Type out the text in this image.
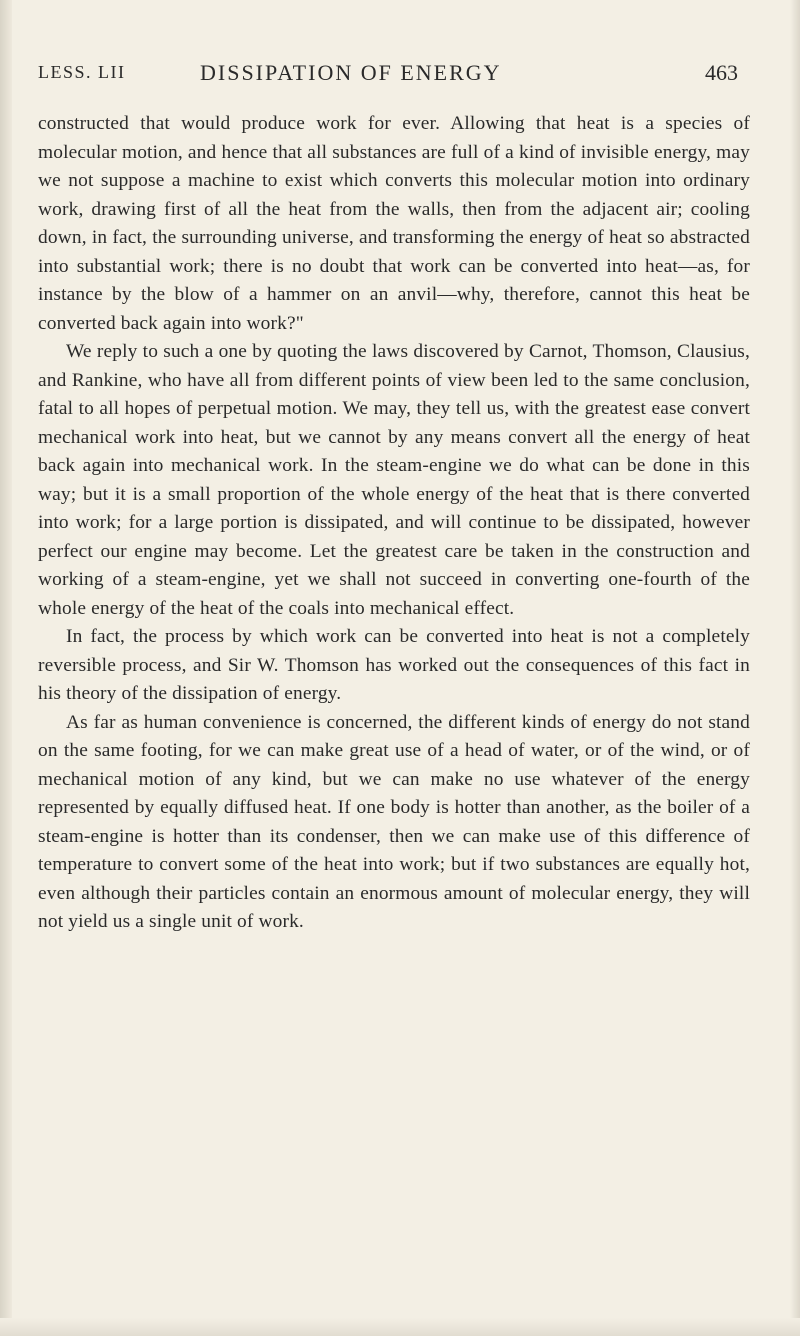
LESS. LII	DISSIPATION OF ENERGY	463

constructed that would produce work for ever. Allowing that heat is a species of molecular motion, and hence that all substances are full of a kind of invisible energy, may we not suppose a machine to exist which converts this molecular motion into ordinary work, drawing first of all the heat from the walls, then from the adjacent air; cooling down, in fact, the surrounding universe, and transforming the energy of heat so abstracted into substantial work; there is no doubt that work can be converted into heat—as, for instance by the blow of a hammer on an anvil—why, therefore, cannot this heat be converted back again into work?"

We reply to such a one by quoting the laws discovered by Carnot, Thomson, Clausius, and Rankine, who have all from different points of view been led to the same conclusion, fatal to all hopes of perpetual motion. We may, they tell us, with the greatest ease convert mechanical work into heat, but we cannot by any means convert all the energy of heat back again into mechanical work. In the steam-engine we do what can be done in this way; but it is a small proportion of the whole energy of the heat that is there converted into work; for a large portion is dissipated, and will continue to be dissipated, however perfect our engine may become. Let the greatest care be taken in the construction and working of a steam-engine, yet we shall not succeed in converting one-fourth of the whole energy of the heat of the coals into mechanical effect.

In fact, the process by which work can be converted into heat is not a completely reversible process, and Sir W. Thomson has worked out the consequences of this fact in his theory of the dissipation of energy.

As far as human convenience is concerned, the different kinds of energy do not stand on the same footing, for we can make great use of a head of water, or of the wind, or of mechanical motion of any kind, but we can make no use whatever of the energy represented by equally diffused heat. If one body is hotter than another, as the boiler of a steam-engine is hotter than its condenser, then we can make use of this difference of temperature to convert some of the heat into work; but if two substances are equally hot, even although their particles contain an enormous amount of molecular energy, they will not yield us a single unit of work.
